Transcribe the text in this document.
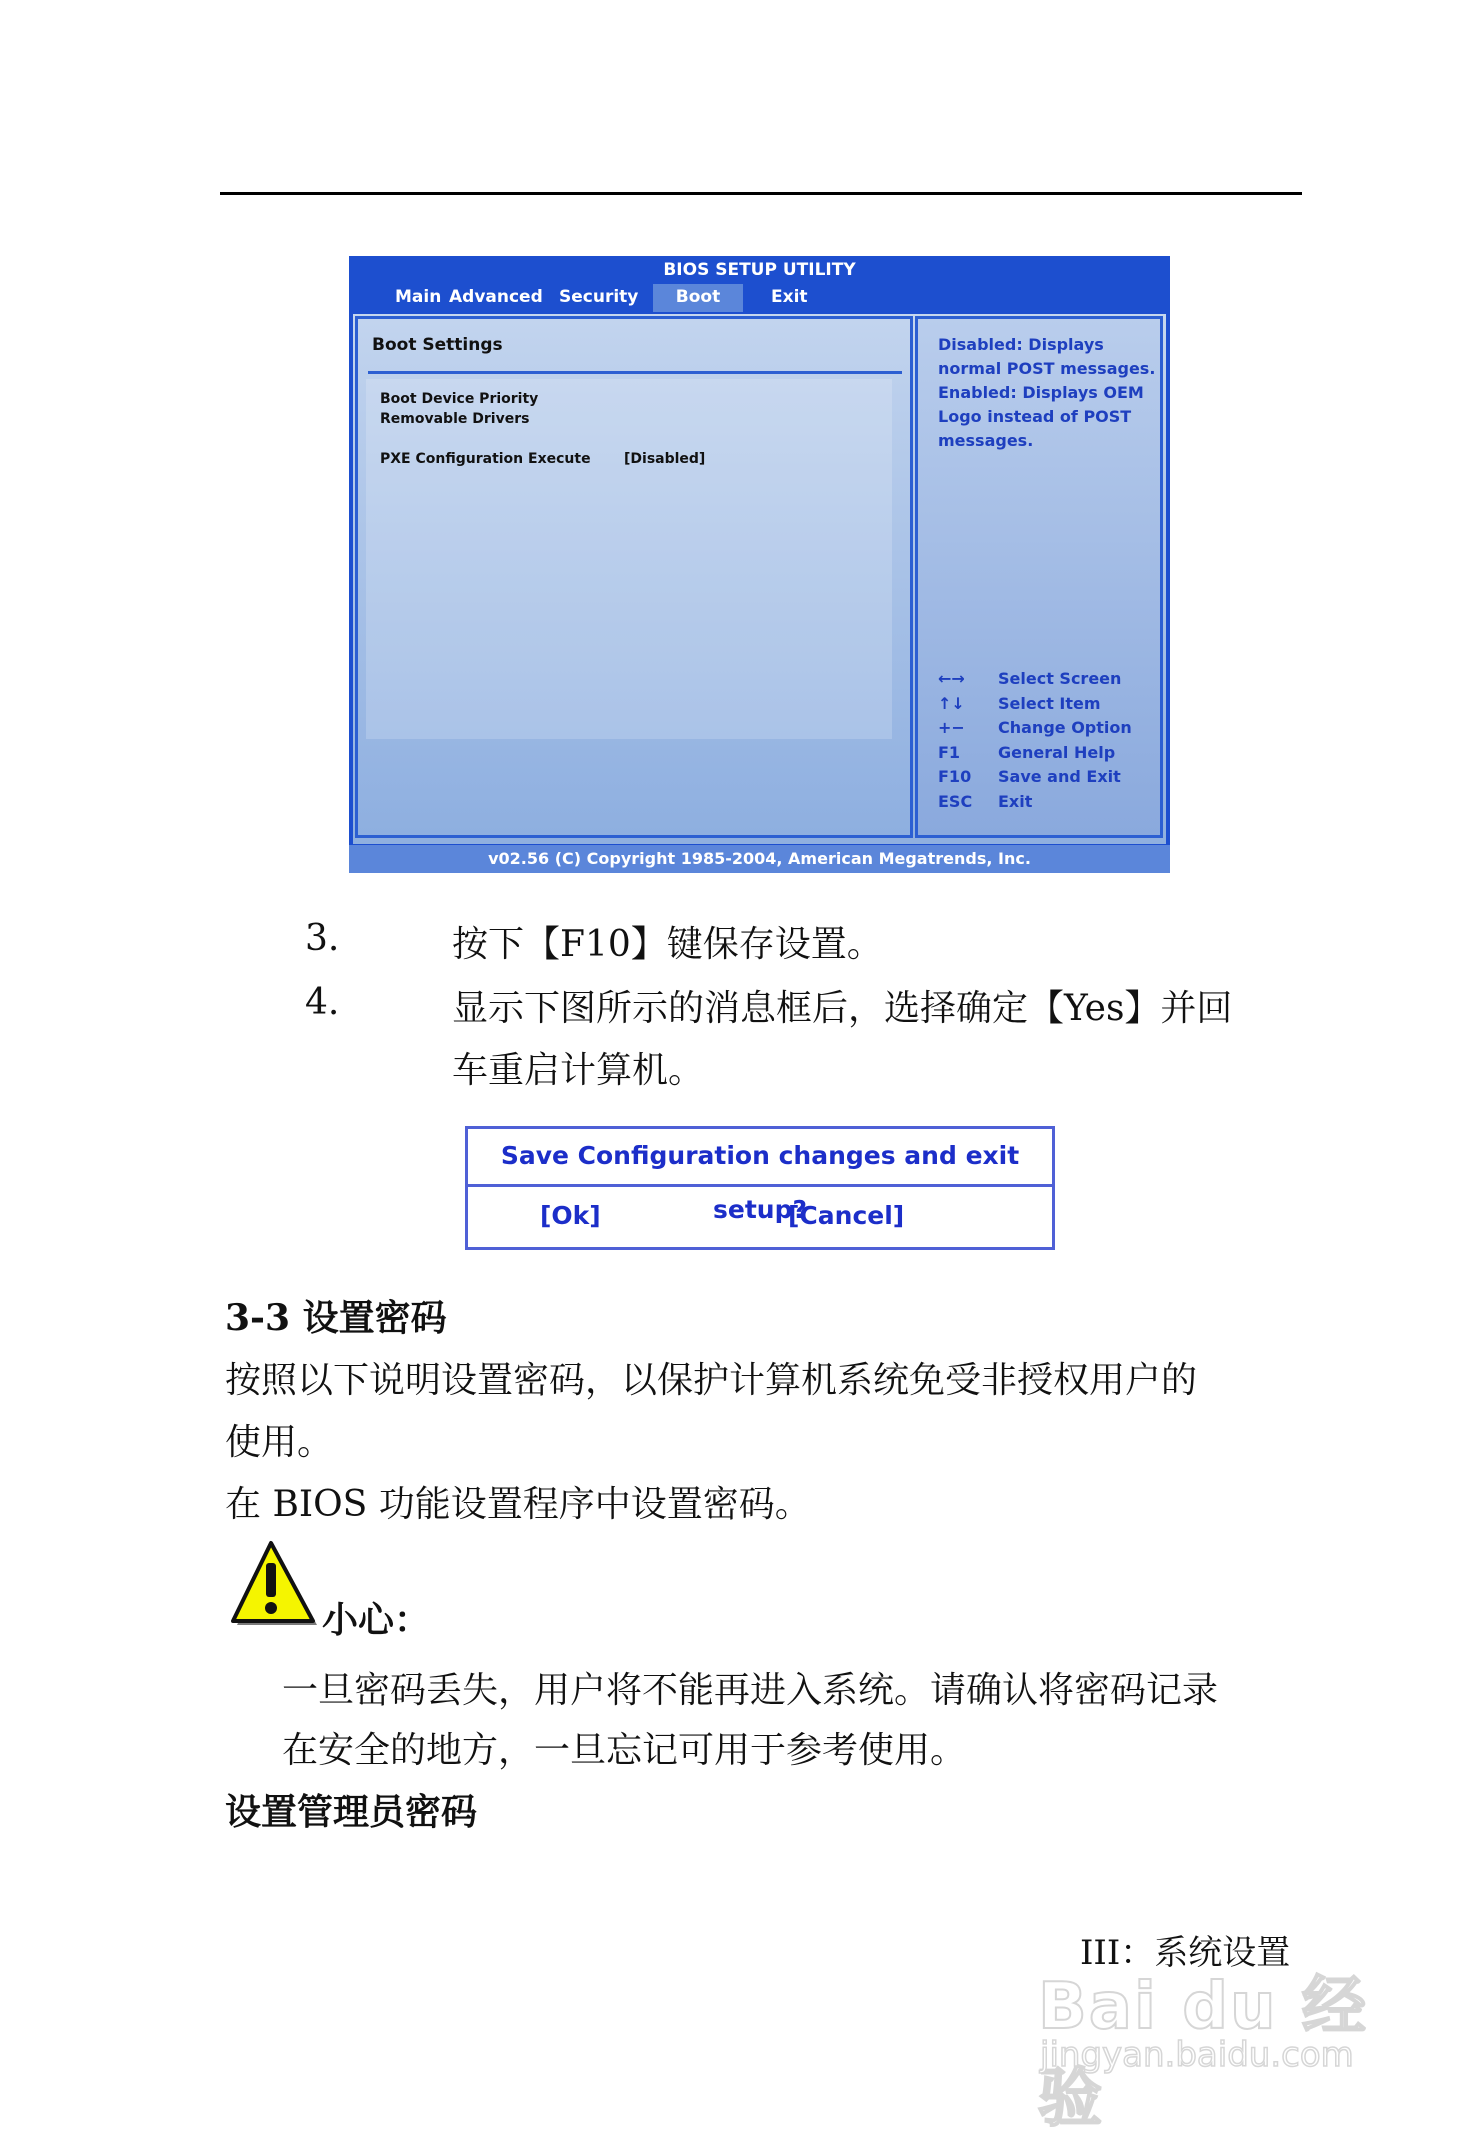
BIOS SETUP UTILITY
Main Advanced Security	Boot	Exit
Boot Settings
Boot Device Priority
Removable Drivers
PXE Configuration Execute [Disabled]
Disabled: Displays
normal POST messages.
Enabled: Displays OEM
Logo instead of POST
messages.
←→	Select Screen
↑↓	Select Item
+−	Change Option
F1	General Help
F10	Save and Exit
ESC	Exit
v02.56 (C) Copyright 1985-2004, American Megatrends, Inc.
3.	按下【F10】键保存设置。
4.	显示下图所示的消息框后，选择确定【Yes】并回
车重启计算机。
Save Configuration changes and exit setup?
[Ok]	[Cancel]
3-3 设置密码
按照以下说明设置密码，以保护计算机系统免受非授权用户的
使用。
在 BIOS 功能设置程序中设置密码。
小心：
一旦密码丢失，用户将不能再进入系统。请确认将密码记录
在安全的地方，一旦忘记可用于参考使用。
设置管理员密码
III：系统设置
Bai du 经验
jingyan.baidu.com
